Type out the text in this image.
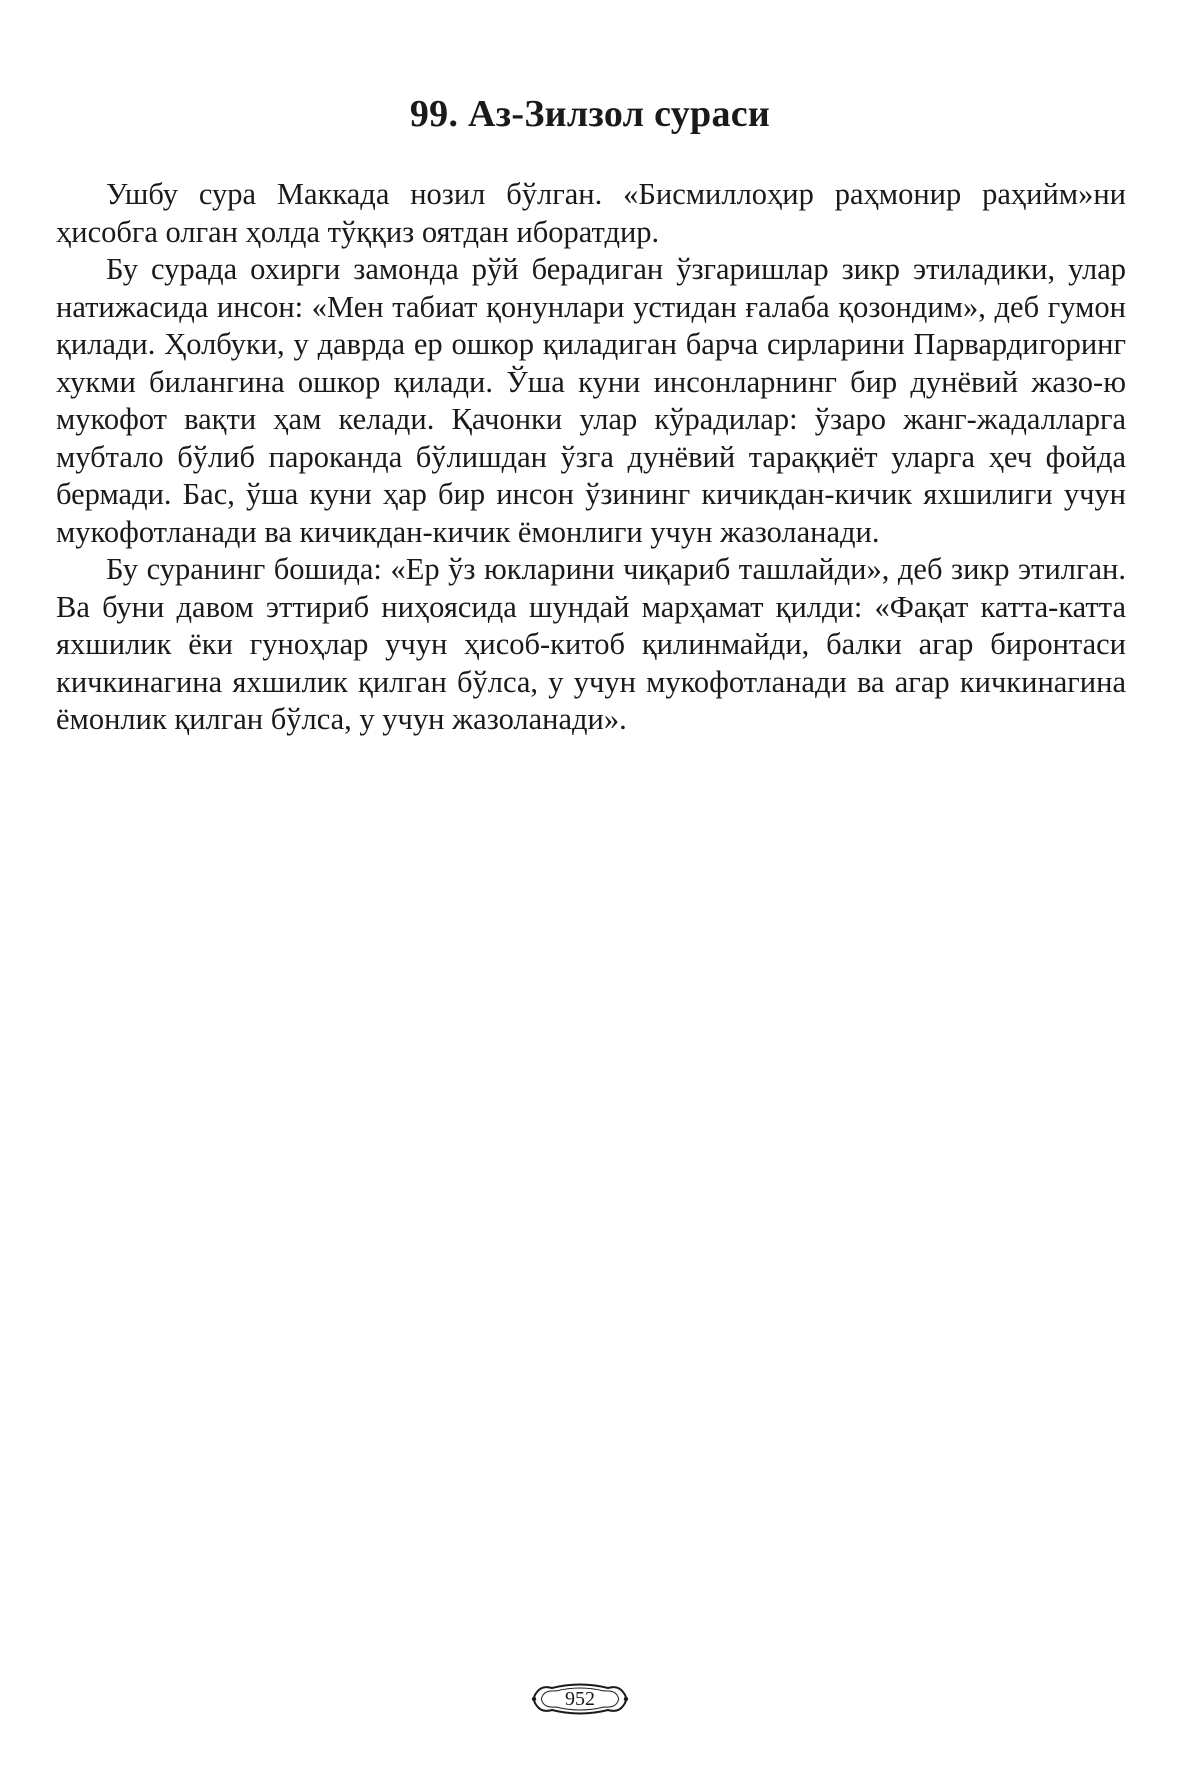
99. Аз-Зилзол сураси

Ушбу сура Маккада нозил бўлган. «Бисмиллоҳир раҳмонир раҳийм»ни ҳисобга олган ҳолда тўққиз оятдан иборатдир.

Бу сурада охирги замонда рўй берадиган ўзгаришлар зикр этиладики, улар натижасида инсон: «Мен табиат қонунлари устидан ғалаба қозондим», деб гумон қилади. Ҳолбуки, у даврда ер ошкор қиладиган барча сирларини Парвардигоринг хукми билангина ошкор қилади. Ўша куни инсонларнинг бир дунёвий жазо-ю мукофот вақти ҳам келади. Қачонки улар кўрадилар: ўзаро жанг-жадалларга мубтало бўлиб пароканда бўлишдан ўзга дунёвий тараққиёт уларга ҳеч фойда бермади. Бас, ўша куни ҳар бир инсон ўзининг кичикдан-кичик яхшилиги учун мукофотланади ва кичикдан-кичик ёмонлиги учун жазоланади.

Бу суранинг бошида: «Ер ўз юкларини чиқариб ташлайди», деб зикр этилган. Ва буни давом эттириб ниҳоясида шундай марҳамат қилди: «Фақат катта-катта яхшилик ёки гуноҳлар учун ҳисоб-китоб қилинмайди, балки агар биронтаси кичкинагина яхшилик қилган бўлса, у учун мукофотланади ва агар кичкинагина ёмонлик қилган бўлса, у учун жазоланади».

952
